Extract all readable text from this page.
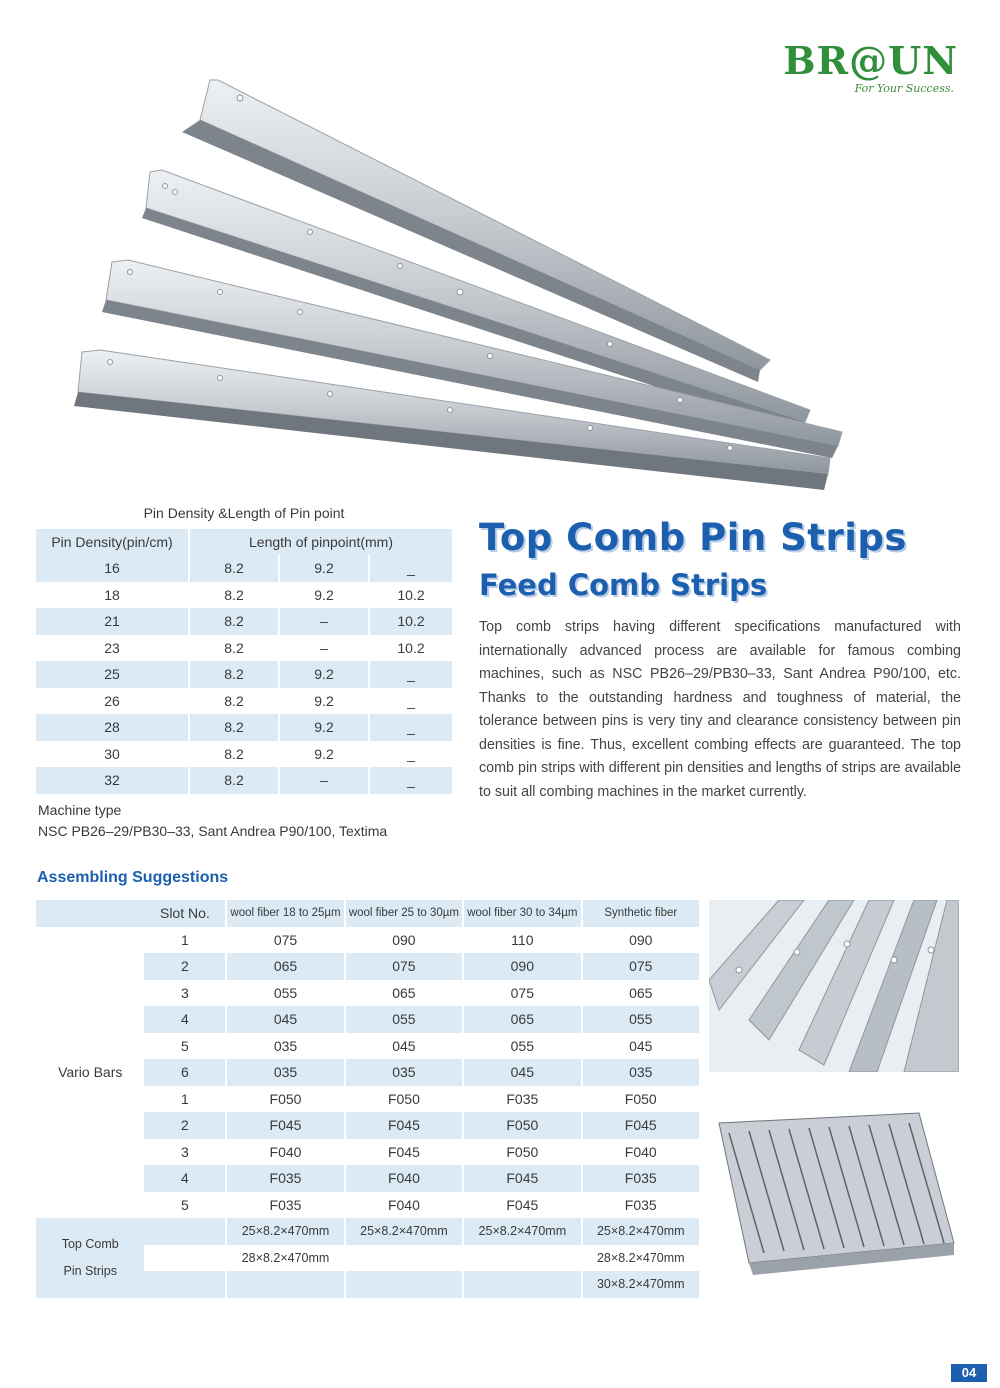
BR@UN
For Your Success.
Pin Density &Length of Pin point			
Pin Density(pin/cm)	Length of pinpoint(mm)		
16	8.2	9.2	_
18	8.2	9.2	10.2
21	8.2	–	10.2
23	8.2	–	10.2
25	8.2	9.2	_
26	8.2	9.2	_
28	8.2	9.2	_
30	8.2	9.2	_
32	8.2	–	_
Machine type
NSC PB26–29/PB30–33, Sant Andrea P90/100, Textima
Top Comb Pin Strips
Feed Comb Strips
Top comb strips having different specifications manufactured with internationally advanced process are available for famous combing machines, such as NSC PB26–29/PB30–33, Sant Andrea P90/100, etc. Thanks to the outstanding hardness and toughness of material, the tolerance between pins is very tiny and clearance consistency between pin densities is fine. Thus, excellent combing effects are guaranteed. The top comb pin strips with different pin densities and lengths of strips are available to suit all combing machines in the market currently.
Assembling Suggestions
	Slot No.	wool fiber 18 to 25µm	wool fiber 25 to 30µm	wool fiber 30 to 34µm	Synthetic fiber
Vario Bars	1	075	090	110	090
	2	065	075	090	075
	3	055	065	075	065
	4	045	055	065	055
	5	035	045	055	045
	6	035	035	045	035
	1	F050	F050	F035	F050
	2	F045	F045	F050	F045
	3	F040	F045	F050	F040
	4	F035	F040	F045	F035
	5	F035	F040	F045	F035

Top Comb
Pin Strips		25×8.2×470mm	25×8.2×470mm	25×8.2×470mm	25×8.2×470mm
		28×8.2×470mm			28×8.2×470mm
					30×8.2×470mm
04
